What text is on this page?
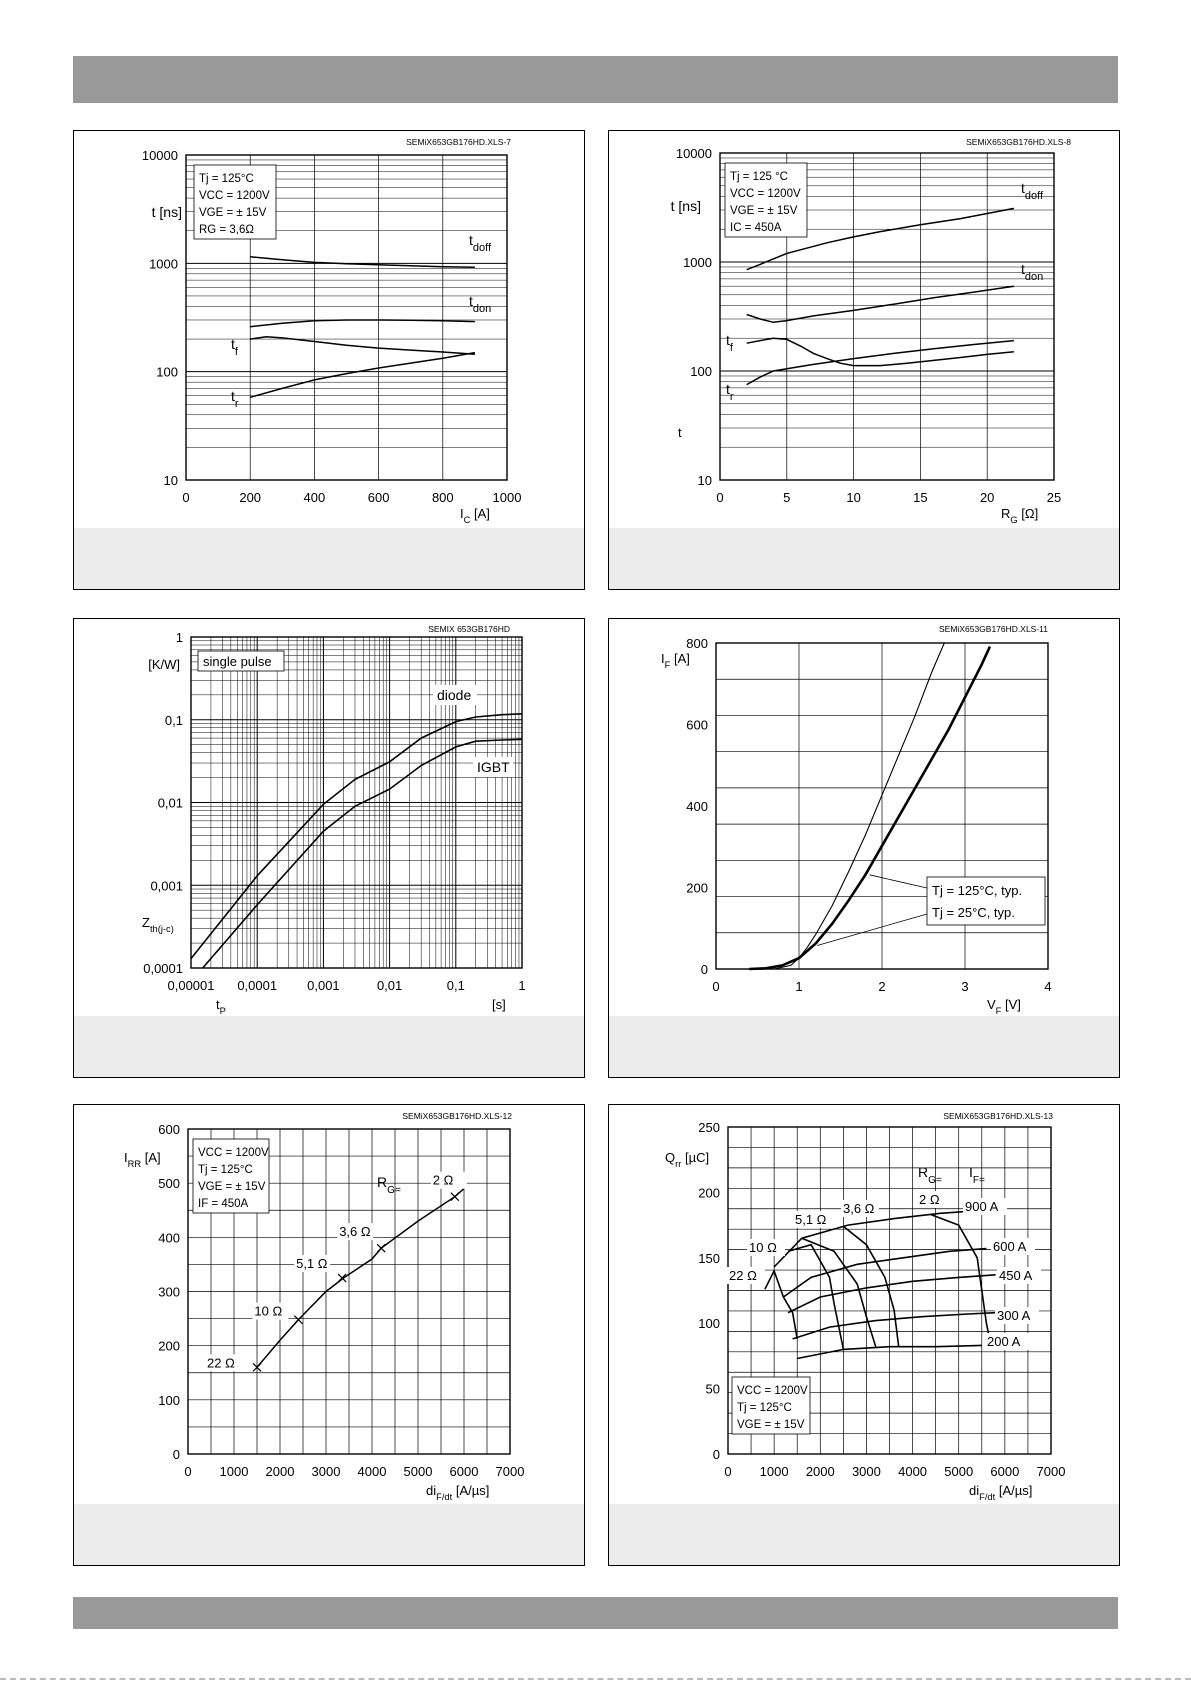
0	200	400	600	800	1000
10
100
1000
10000
SEMiX653GB176HD.XLS-7
t [ns]
$I_C$ [A]
Tj = 125°C
VCC = 1200V
VGE = ± 15V
RG = 3,6Ω
$t_{doff}$
$t_{don}$
$t_f$
$t_r$
0	5	10	15	20	25
10
100
1000
10000
SEMiX653GB176HD.XLS-8
t [ns]
$R_G$ [Ω]
t
Tj = 125 °C
VCC = 1200V
VGE = ± 15V
IC = 450A
$t_{doff}$
$t_{don}$
$t_f$
$t_r$
0,00001 0,0001 0,001	0,01	0,1	1
0,0001
0,001
0,01
0,1
1
SEMIX 653GB176HD
[K/W]
$Z_{th(j-c)}$
$t_P$	[s]
single pulse
diode
IGBT
0	1	2	3	4
0
200
400
600
800
SEMiX653GB176HD.XLS-11
$I_F$ [A]
$V_F$ [V]
Tj = 125°C, typ.
Tj = 25°C, typ.
0 1000 2000 3000 4000 5000 6000 7000
0
100
200
300
400
500
600
SEMiX653GB176HD.XLS-12
$I_{RR}$ [A]
$di_{F/dt}$ [A/µs]
VCC = 1200V
Tj = 125°C
VGE = ± 15V
IF = 450A
$R_{G=}$
22 Ω
10 Ω
5,1 Ω
3,6 Ω
2 Ω
0 1000 2000 3000 4000 5000 6000 7000
0
50
100
150
200
250
SEMiX653GB176HD.XLS-13
$Q_{rr}$ [µC]
$di_{F/dt}$ [A/µs]
VCC = 1200V
Tj = 125°C
VGE = ± 15V
$R_{G=}$ $I_{F=}$
900 A
600 A
450 A
300 A
200 A
22 Ω
10 Ω
5,1 Ω
3,6 Ω
2 Ω
